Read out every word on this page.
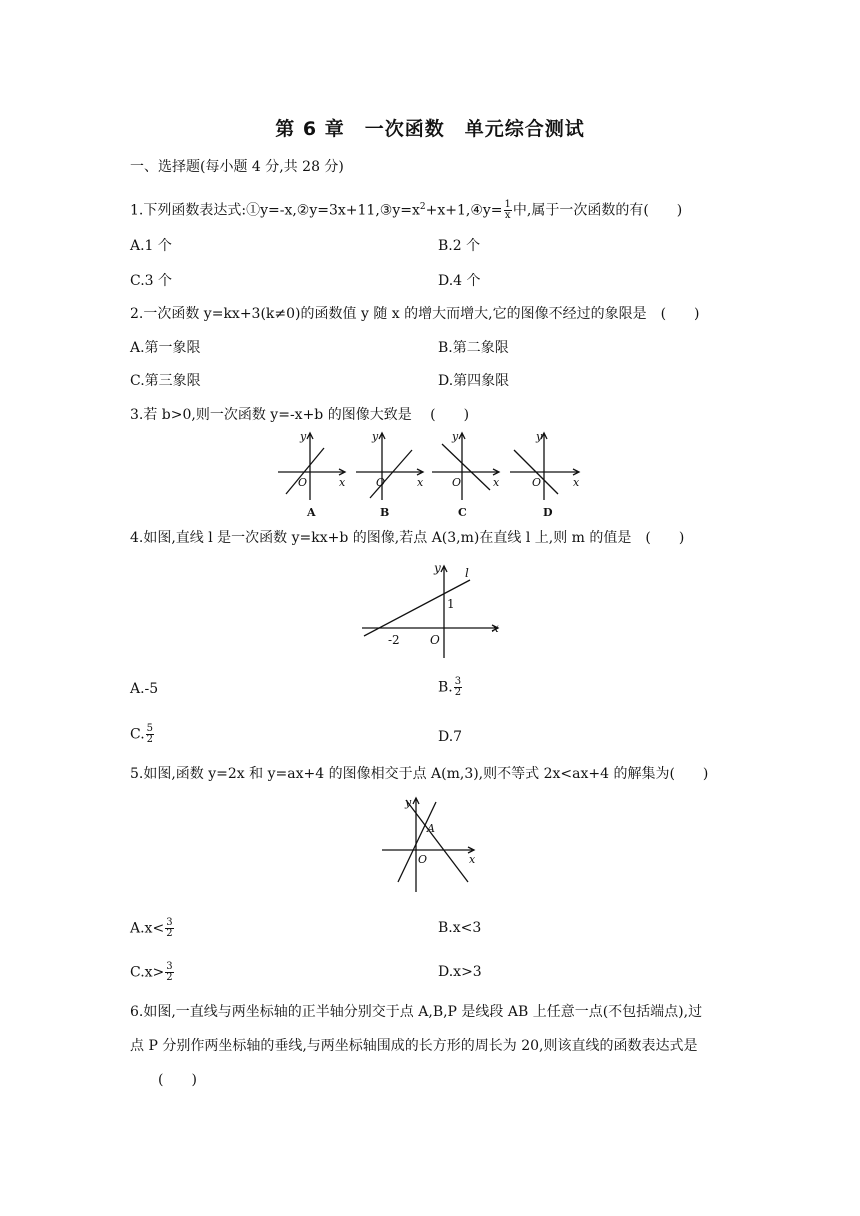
第 6 章　一次函数　单元综合测试
一、选择题(每小题 4 分,共 28 分)
1.下列函数表达式$:①y=-x,②y=3x+11,③y=x^2+x+1,④y= \frac{1}{x}$ 中,属于一次函数的有(　　)
A.1 个	B.2 个
C.3 个	D.4 个
2.一次函数 y=kx+3(k≠0)的函数值 y 随 x 的增大而增大,它的图像不经过的象限是　(　　)
A.第一象限	B.第二象限
C.第三象限	D.第四象限
3.若 b>0,则一次函数 y=-x+b 的图像大致是　 (　　)
y
x
O
y
x
O
y
x
O
y
x
O
A	B	C	D
4.如图,直线 l 是一次函数 y=kx+b 的图像,若点 A(3,m)在直线 l 上,则 m 的值是　(　　)
l
y
x
1
-2	O
A.-5	B. $\frac{3}{2}$
C. $\frac{5}{2}$	D.7
5.如图,函数 y=2x 和 y=ax+4 的图像相交于点 A(m,3),则不等式 2x<ax+4 的解集为(　　)
y
x
A
O
$A.x< \frac{3}{2}$	B.x<3
$C.x> \frac{3}{2}$	D.x>3
6.如图,一直线与两坐标轴的正半轴分别交于点 A,B,P 是线段 AB 上任意一点(不包括端点),过
点 P 分别作两坐标轴的垂线,与两坐标轴围成的长方形的周长为 20,则该直线的函数表达式是
(　　)
